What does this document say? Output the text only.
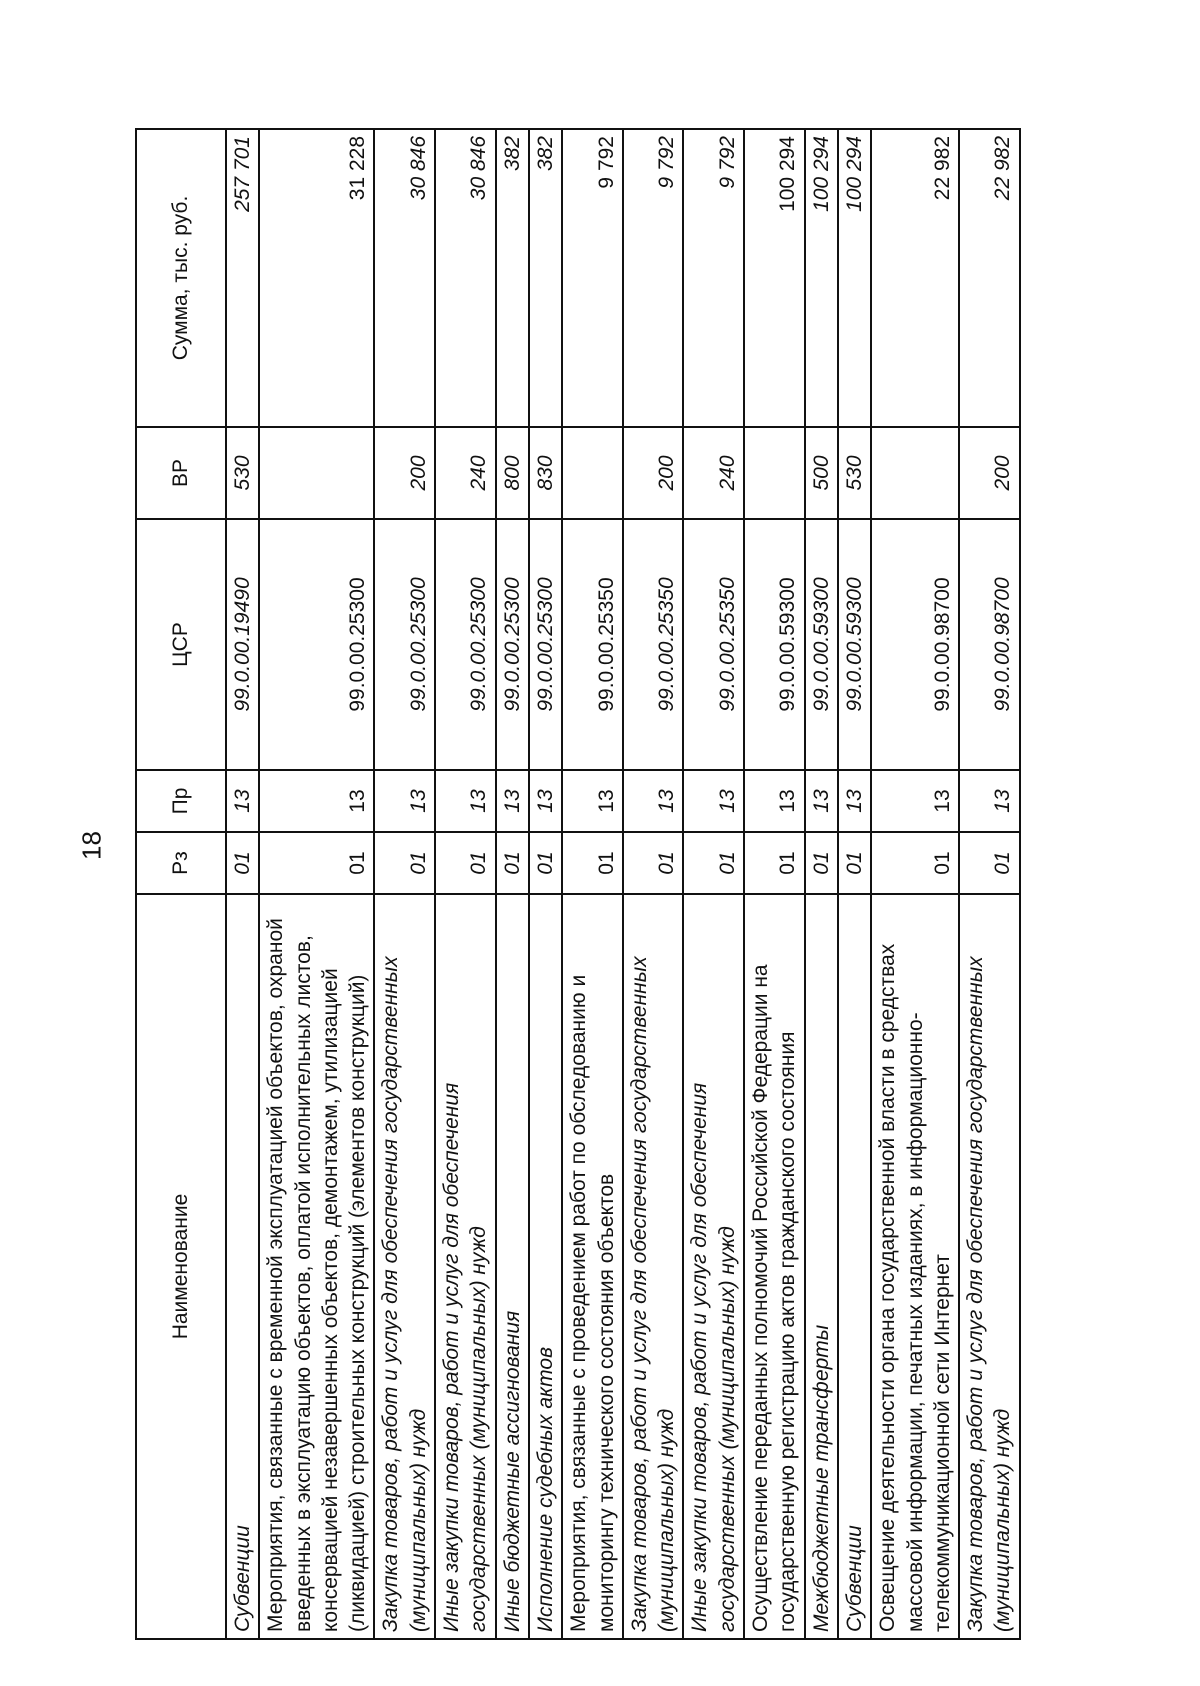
18
Наименование	Рз	Пр	ЦСР	ВР	Сумма, тыс. руб.
Субвенции	01	13	99.0.00.19490	530	257 701
Мероприятия, связанные с временной эксплуатацией объектов, охраной введенных в эксплуатацию объектов, оплатой исполнительных листов, консервацией незавершенных объектов, демонтажем, утилизацией (ликвидацией) строительных конструкций (элементов конструкций)	01	13	99.0.00.25300		31 228
Закупка товаров, работ и услуг для обеспечения государственных (муниципальных) нужд	01	13	99.0.00.25300	200	30 846
Иные закупки товаров, работ и услуг для обеспечения государственных (муниципальных) нужд	01	13	99.0.00.25300	240	30 846
Иные бюджетные ассигнования	01	13	99.0.00.25300	800	382
Исполнение судебных актов	01	13	99.0.00.25300	830	382
Мероприятия, связанные с проведением работ по обследованию и мониторингу технического состояния объектов	01	13	99.0.00.25350		9 792
Закупка товаров, работ и услуг для обеспечения государственных (муниципальных) нужд	01	13	99.0.00.25350	200	9 792
Иные закупки товаров, работ и услуг для обеспечения государственных (муниципальных) нужд	01	13	99.0.00.25350	240	9 792
Осуществление переданных полномочий Российской Федерации на государственную регистрацию актов гражданского состояния	01	13	99.0.00.59300		100 294
Межбюджетные трансферты	01	13	99.0.00.59300	500	100 294
Субвенции	01	13	99.0.00.59300	530	100 294
Освещение деятельности органа государственной власти в средствах массовой информации, печатных изданиях, в информационно-телекоммуникационной сети Интернет	01	13	99.0.00.98700		22 982
Закупка товаров, работ и услуг для обеспечения государственных (муниципальных) нужд	01	13	99.0.00.98700	200	22 982
